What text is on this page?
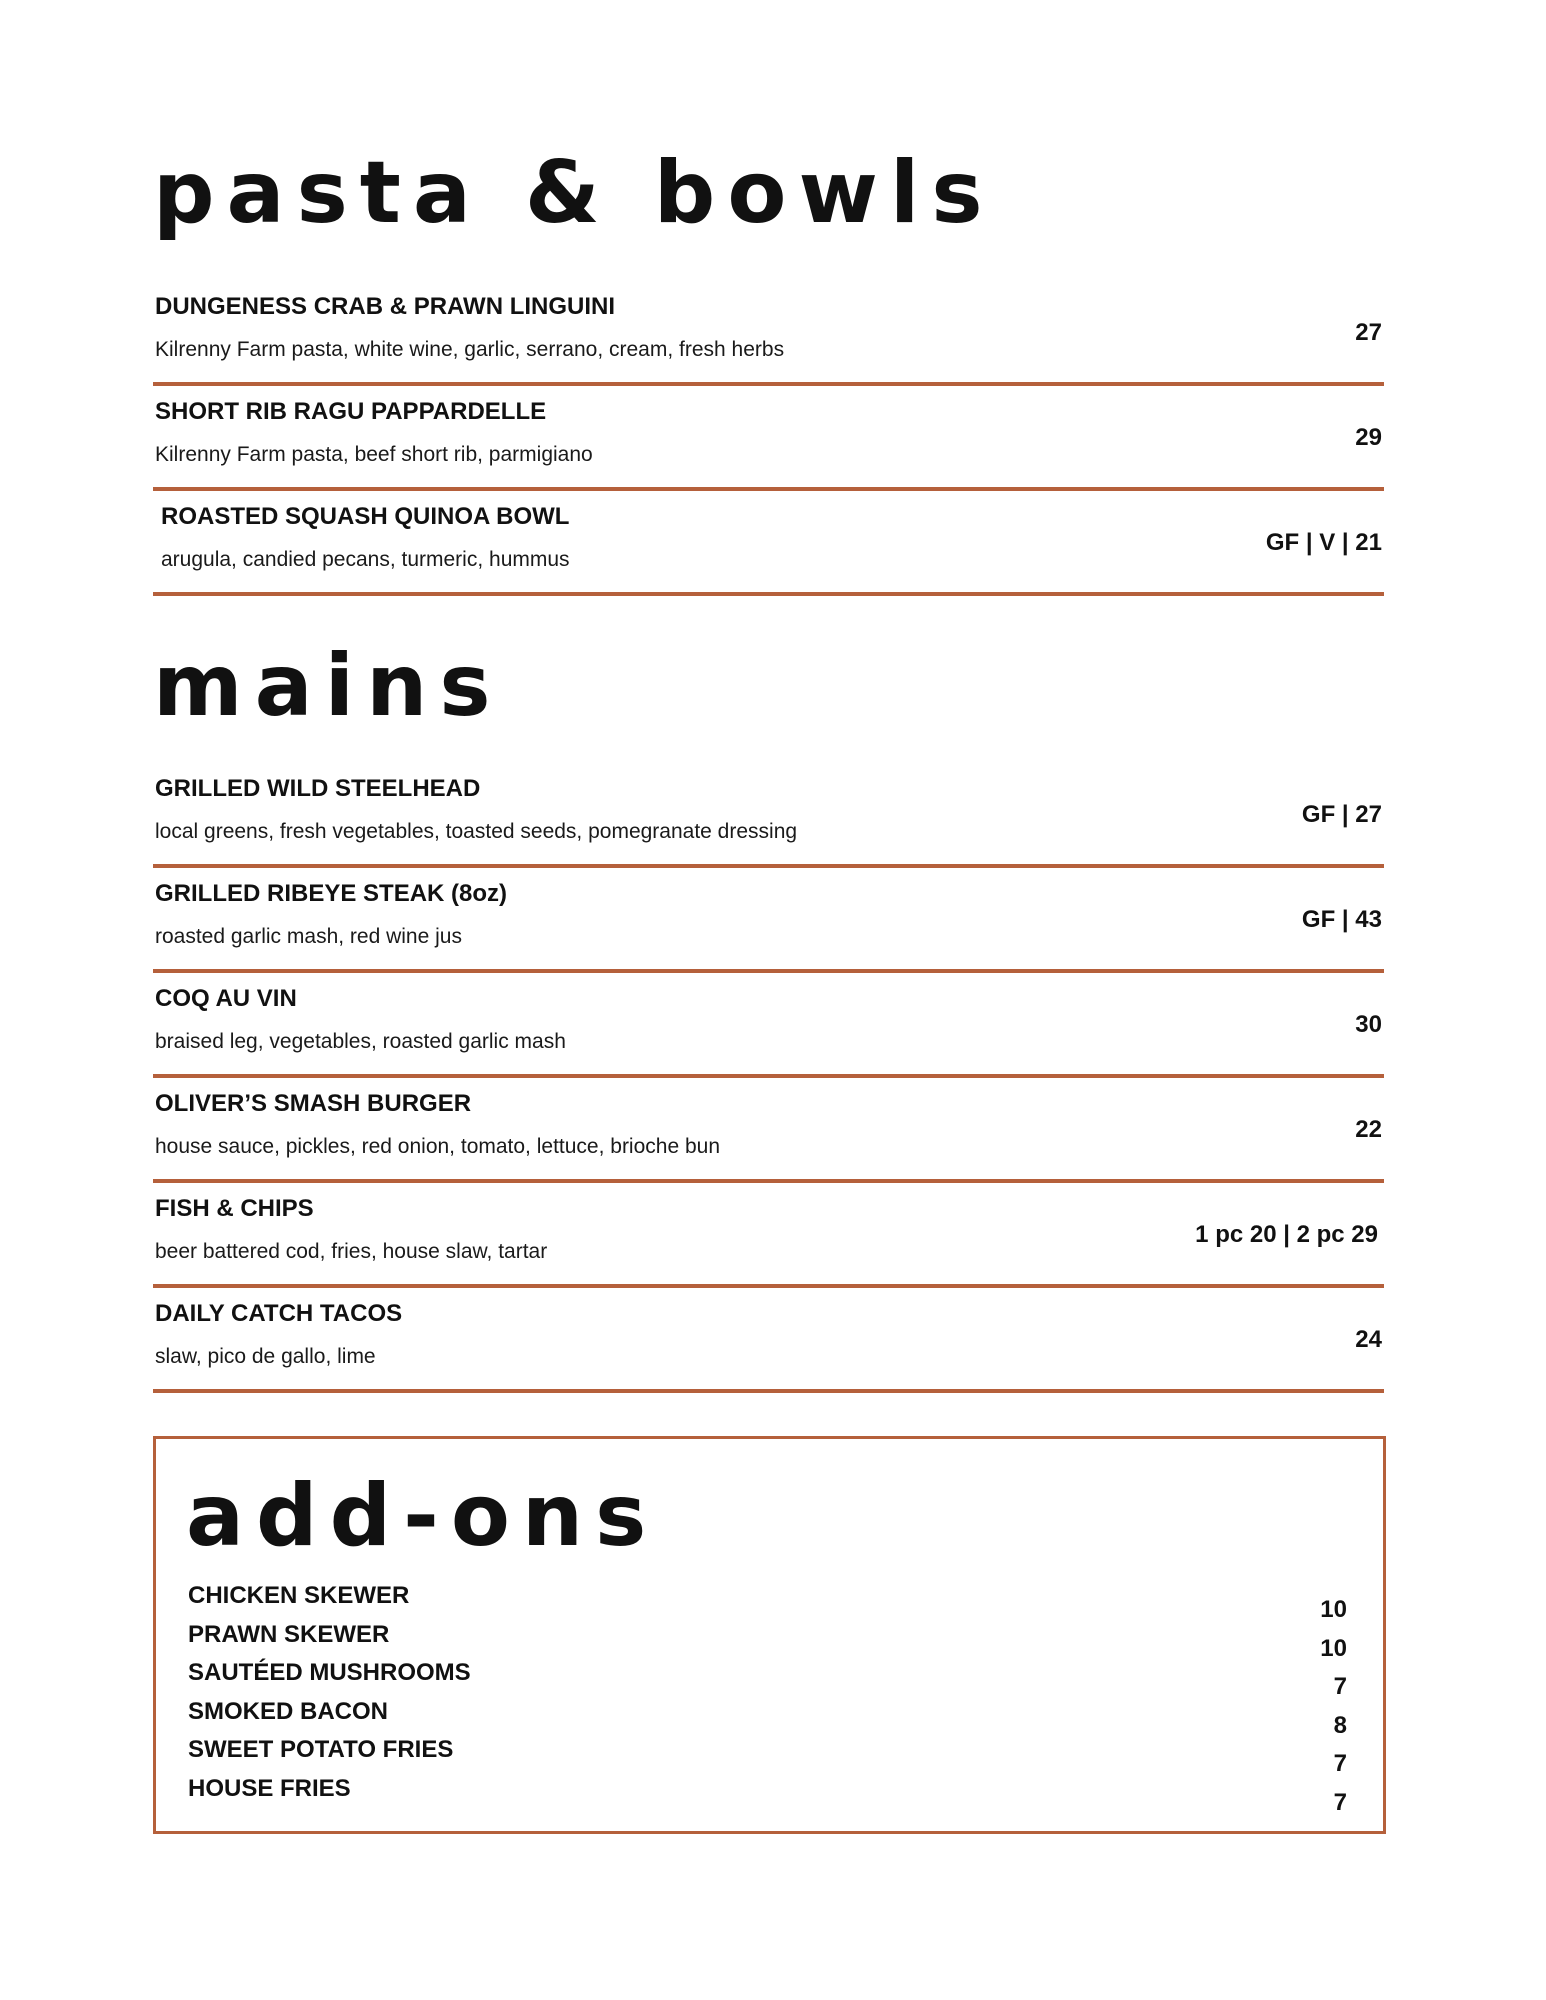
pasta & bowls
DUNGENESS CRAB & PRAWN LINGUINI
Kilrenny Farm pasta, white wine, garlic, serrano, cream, fresh herbs
27
SHORT RIB RAGU PAPPARDELLE
Kilrenny Farm pasta, beef short rib, parmigiano
29
ROASTED SQUASH QUINOA BOWL
arugula, candied pecans, turmeric, hummus
GF | V | 21
mains
GRILLED WILD STEELHEAD
local greens, fresh vegetables, toasted seeds, pomegranate dressing
GF | 27
GRILLED RIBEYE STEAK (8oz)
roasted garlic mash, red wine jus
GF | 43
COQ AU VIN
braised leg, vegetables, roasted garlic mash
30
OLIVER’S SMASH BURGER
house sauce, pickles, red onion, tomato, lettuce, brioche bun
22
FISH & CHIPS
beer battered cod, fries, house slaw, tartar
1 pc 20 | 2 pc 29
DAILY CATCH TACOS
slaw, pico de gallo, lime
24
add-ons
CHICKEN SKEWER
PRAWN SKEWER
SAUTÉED MUSHROOMS
SMOKED BACON
SWEET POTATO FRIES
HOUSE FRIES
10
10
7
8
7
7
